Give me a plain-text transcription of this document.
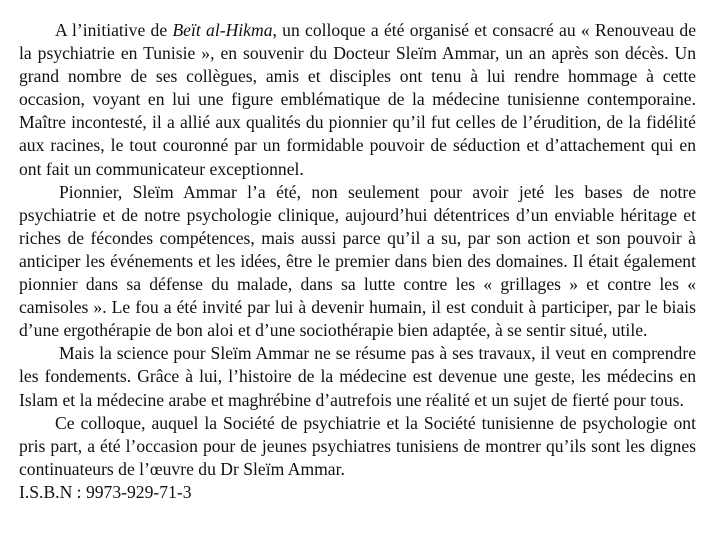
A l’initiative de Beït al-Hikma, un colloque a été organisé et consacré au « Renouveau de la psychiatrie en Tunisie », en souvenir du Docteur Sleïm Ammar, un an après son décès. Un grand nombre de ses collègues, amis et disciples ont tenu à lui rendre hommage à cette occasion, voyant en lui une figure emblématique de la médecine tunisienne contemporaine. Maître incontesté, il a allié aux qualités du pionnier qu’il fut celles de l’érudition, de la fidélité aux racines, le tout couronné par un formidable pouvoir de séduction et d’attachement qui en ont fait un communicateur exceptionnel.

Pionnier, Sleïm Ammar l’a été, non seulement pour avoir jeté les bases de notre psychiatrie et de notre psychologie clinique, aujourd’hui détentrices d’un enviable héritage et riches de fécondes compétences, mais aussi parce qu’il a su, par son action et son pouvoir à anticiper les événements et les idées, être le premier dans bien des domaines. Il était également pionnier dans sa défense du malade, dans sa lutte contre les « grillages » et contre les « camisoles ». Le fou a été invité par lui à devenir humain, il est conduit à participer, par le biais d’une ergothérapie de bon aloi et d’une sociothérapie bien adaptée, à se sentir situé, utile.

Mais la science pour Sleïm Ammar ne se résume pas à ses travaux, il veut en comprendre les fondements. Grâce à lui, l’histoire de la médecine est devenue une geste, les médecins en Islam et la médecine arabe et maghrébine d’autrefois une réalité et un sujet de fierté pour tous.

Ce colloque, auquel la Société de psychiatrie et la Société tunisienne de psychologie ont pris part, a été l’occasion pour de jeunes psychiatres tunisiens de montrer qu’ils sont les dignes continuateurs de l’œuvre du Dr Sleïm Ammar.

I.S.B.N : 9973-929-71-3
